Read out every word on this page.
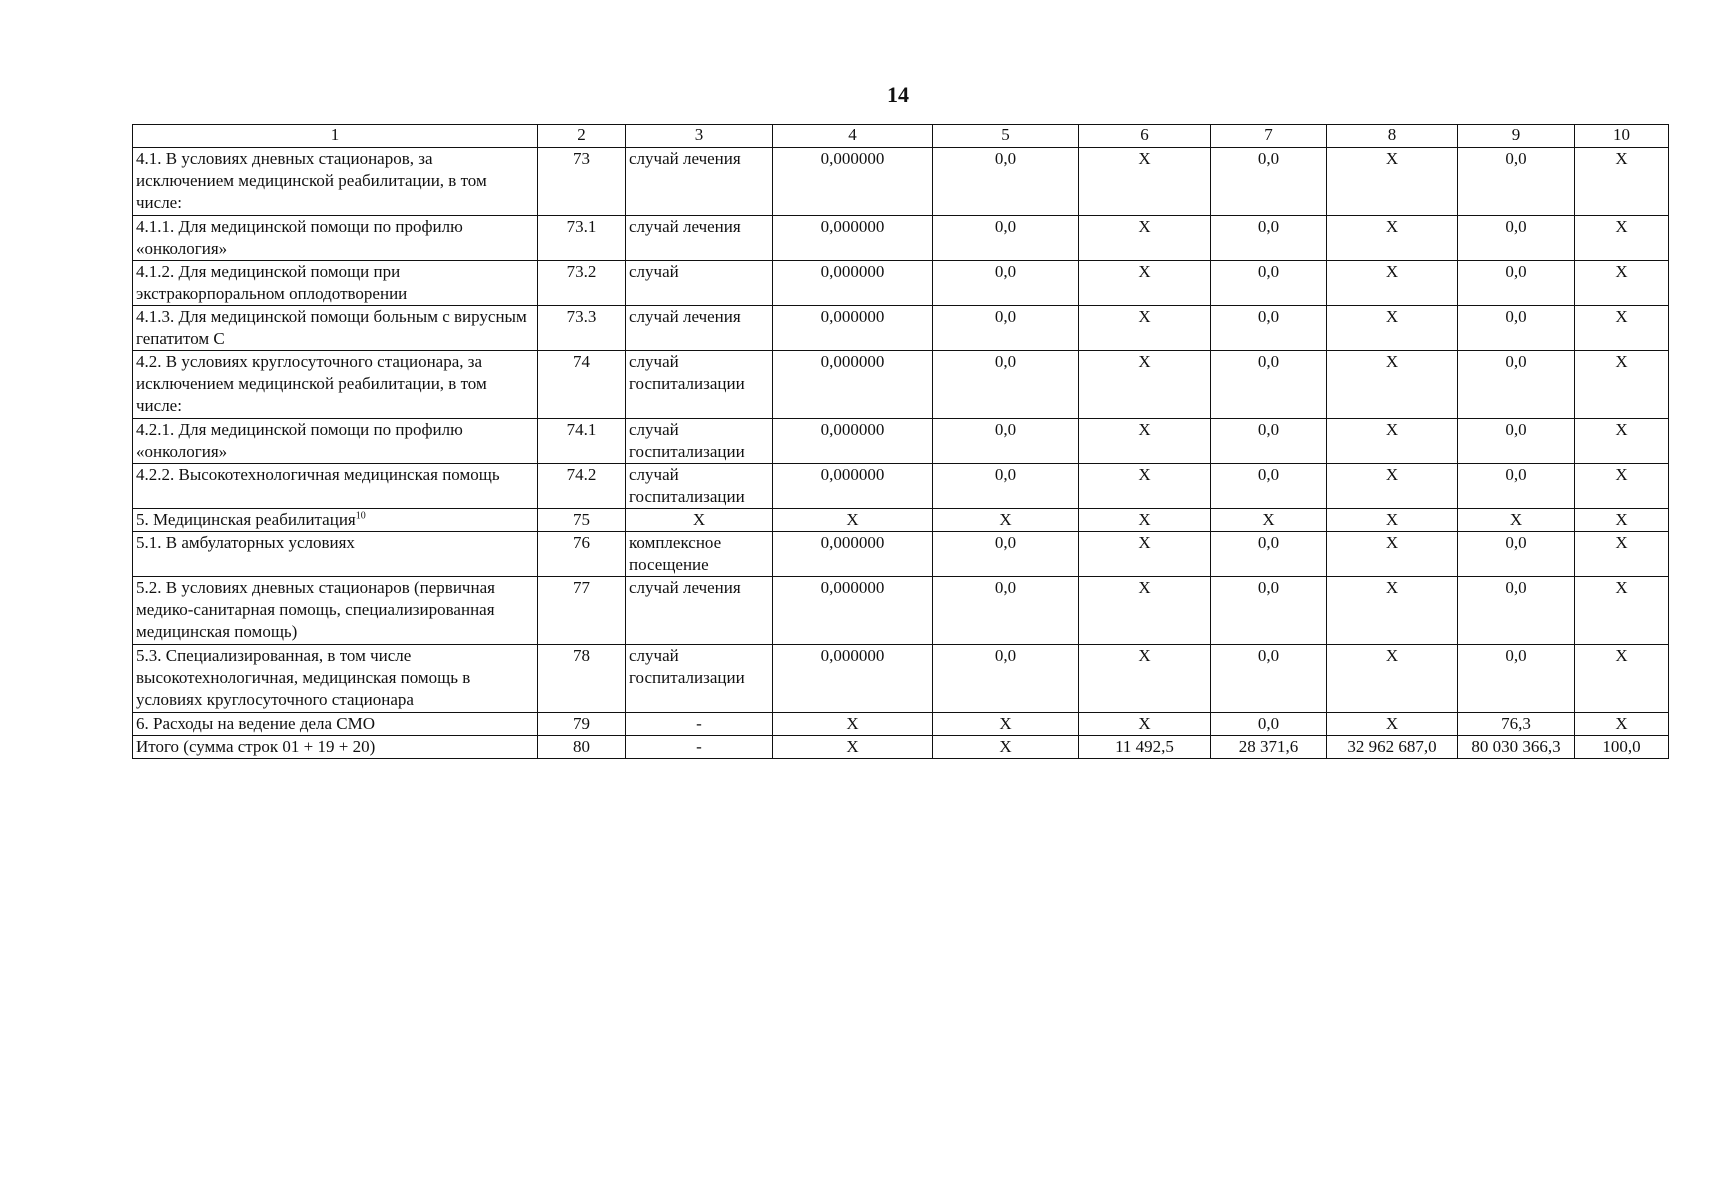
14
1	2	3	4	5	6	7	8	9	10
4.1. В условиях дневных стационаров, за исключением медицинской реабилитации, в том числе:	73	случай лечения	0,000000	0,0	X	0,0	X	0,0	X
4.1.1. Для медицинской помощи по профилю «онкология»	73.1	случай лечения	0,000000	0,0	X	0,0	X	0,0	X
4.1.2. Для медицинской помощи при экстракорпоральном оплодотворении	73.2	случай	0,000000	0,0	X	0,0	X	0,0	X
4.1.3. Для медицинской помощи больным с вирусным гепатитом С	73.3	случай лечения	0,000000	0,0	X	0,0	X	0,0	X
4.2. В условиях круглосуточного стационара, за исключением медицинской реабилитации, в том числе:	74	случай госпитализации	0,000000	0,0	X	0,0	X	0,0	X
4.2.1. Для медицинской помощи по профилю «онкология»	74.1	случай госпитализации	0,000000	0,0	X	0,0	X	0,0	X
4.2.2. Высокотехнологичная медицинская помощь	74.2	случай госпитализации	0,000000	0,0	X	0,0	X	0,0	X
5. Медицинская реабилитация$^{10}$	75	X	X	X	X	X	X	X	X
5.1. В амбулаторных условиях	76	комплексное посещение	0,000000	0,0	X	0,0	X	0,0	X
5.2. В условиях дневных стационаров (первичная медико-санитарная помощь, специализированная медицинская помощь)	77	случай лечения	0,000000	0,0	X	0,0	X	0,0	X
5.3. Специализированная, в том числе высокотехнологичная, медицинская помощь в условиях круглосуточного стационара	78	случай госпитализации	0,000000	0,0	X	0,0	X	0,0	X
6. Расходы на ведение дела СМО	79	-	X	X	X	0,0	X	76,3	X
Итого (сумма строк 01 + 19 + 20)	80	-	X	X	11 492,5	28 371,6	32 962 687,0	80 030 366,3	100,0
